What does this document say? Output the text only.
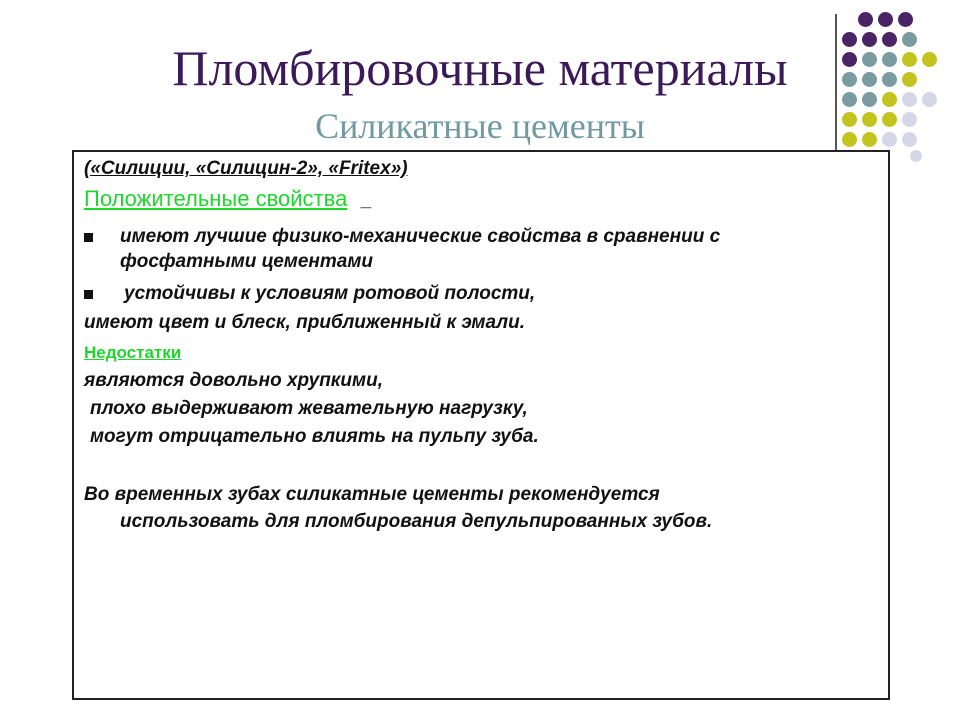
Пломбировочные материалы
Силикатные цементы
(«Силиции, «Силицин-2», «Fritex»)
Положительные свойства _
имеют лучшие физико-механические свойства в сравнении с
фосфатными цементами
устойчивы к условиям ротовой полости,
имеют цвет и блеск, приближенный к эмали.
Недостатки
являются довольно хрупкими,
плохо выдерживают жевательную нагрузку,
могут отрицательно влиять на пульпу зуба.
Во временных зубах силикатные цементы рекомендуется
использовать для пломбирования депульпированных зубов.
